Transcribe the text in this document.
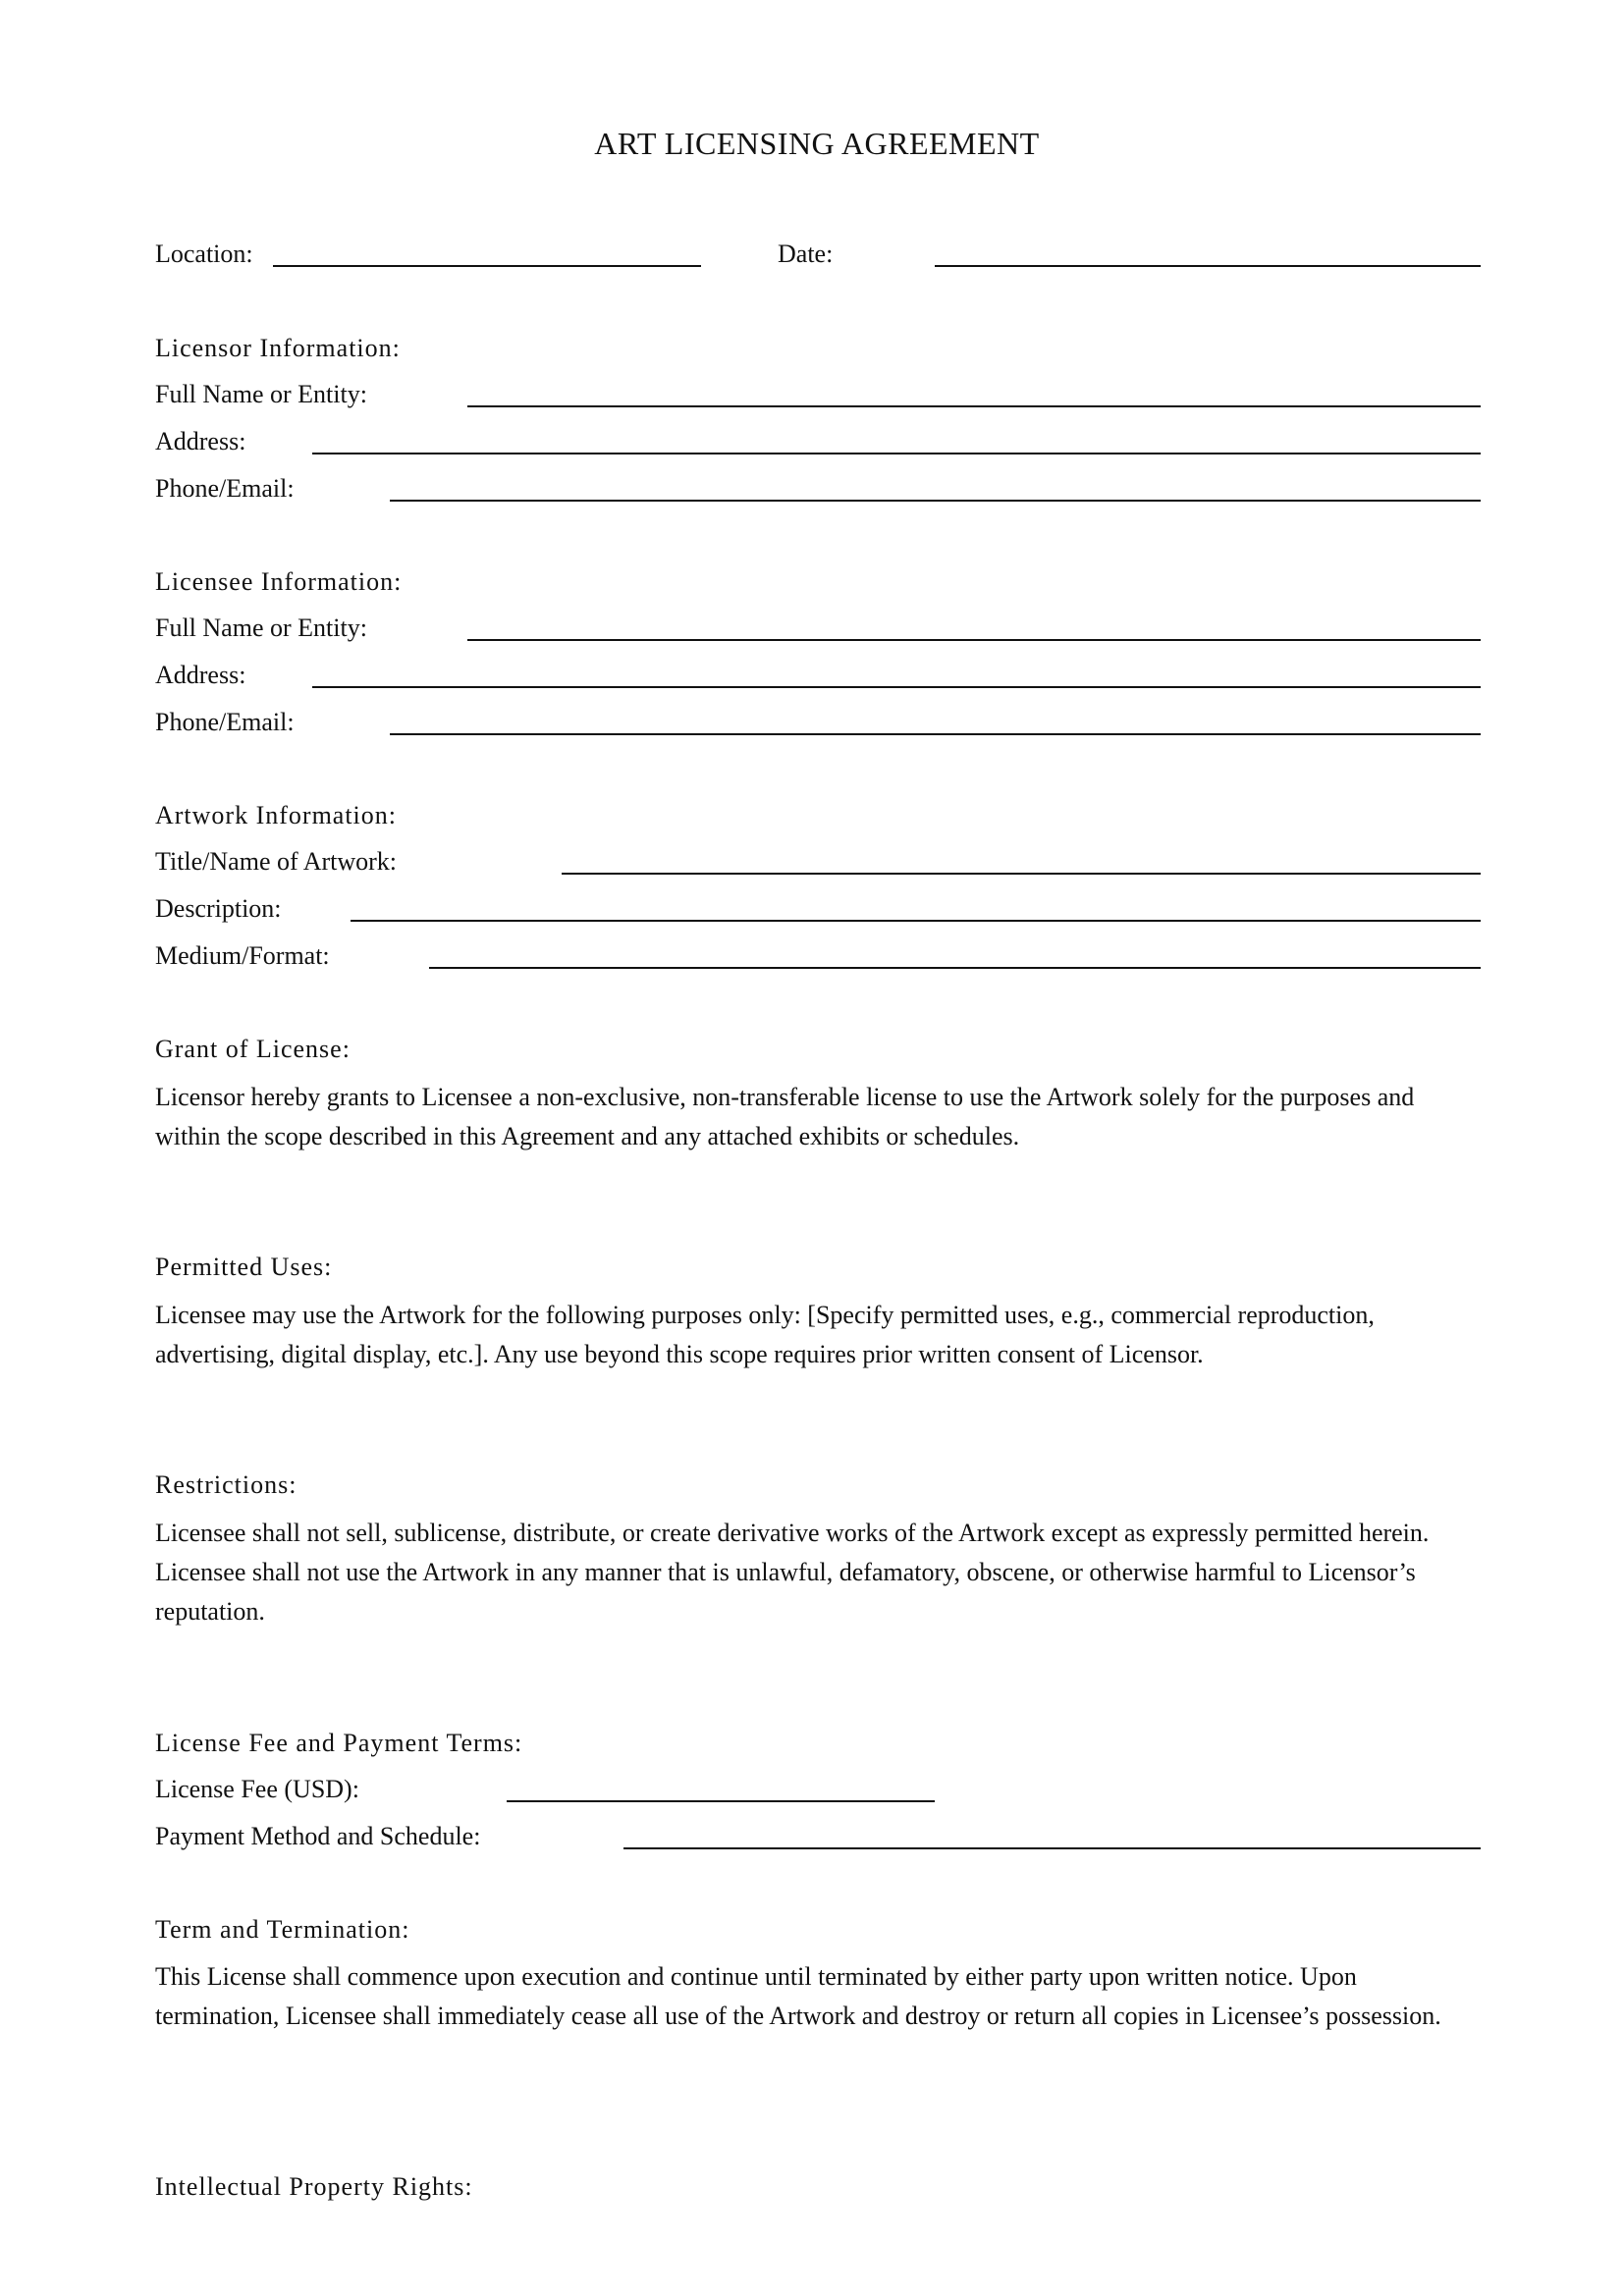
ART LICENSING AGREEMENT
Location:	Date:
Licensor Information:
Full Name or Entity:
Address:
Phone/Email:
Licensee Information:
Full Name or Entity:
Address:
Phone/Email:
Artwork Information:
Title/Name of Artwork:
Description:
Medium/Format:
Grant of License:
Licensor hereby grants to Licensee a non-exclusive, non-transferable license to use the Artwork solely for the purposes and within the scope described in this Agreement and any attached exhibits or schedules.
Permitted Uses:
Licensee may use the Artwork for the following purposes only: [Specify permitted uses, e.g., commercial reproduction, advertising, digital display, etc.]. Any use beyond this scope requires prior written consent of Licensor.
Restrictions:
Licensee shall not sell, sublicense, distribute, or create derivative works of the Artwork except as expressly permitted herein. Licensee shall not use the Artwork in any manner that is unlawful, defamatory, obscene, or otherwise harmful to Licensor’s reputation.
License Fee and Payment Terms:
License Fee (USD):
Payment Method and Schedule:
Term and Termination:
This License shall commence upon execution and continue until terminated by either party upon written notice. Upon termination, Licensee shall immediately cease all use of the Artwork and destroy or return all copies in Licensee’s possession.
Intellectual Property Rights:
